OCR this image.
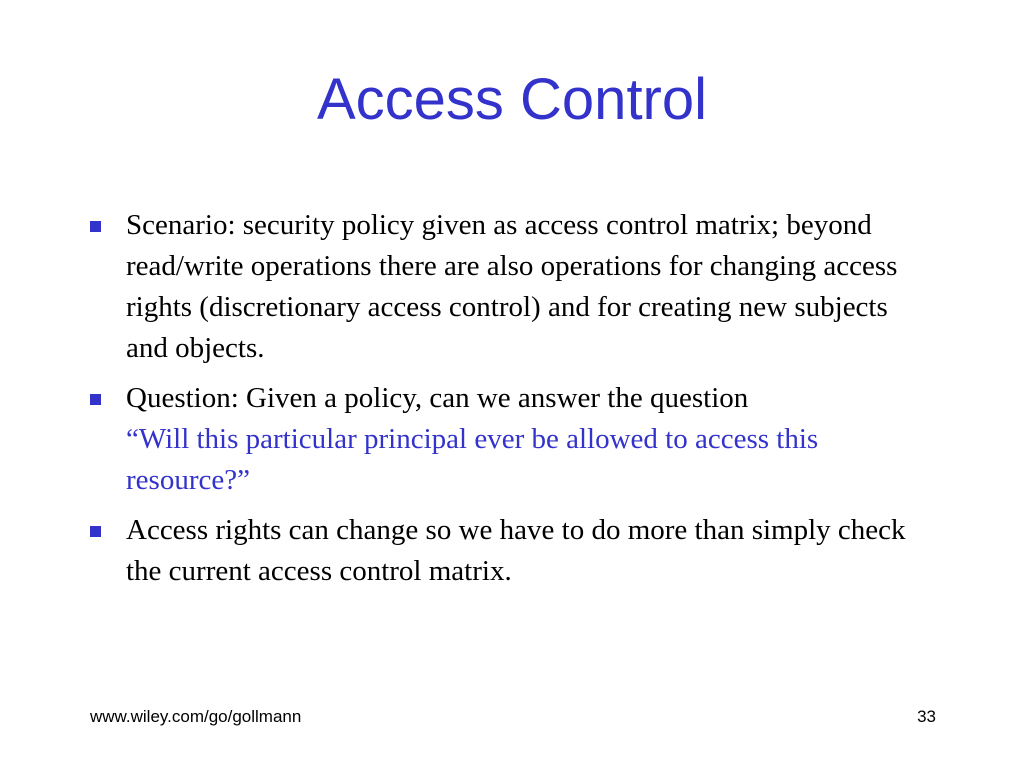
Access Control
Scenario: security policy given as access control matrix; beyond read/write operations there are also operations for changing access rights (discretionary access control) and for creating new subjects and objects.
Question: Given a policy, can we answer the question
“Will this particular principal ever be allowed to access this resource?”
Access rights can change so we have to do more than simply check the current access control matrix.
www.wiley.com/go/gollmann	33
